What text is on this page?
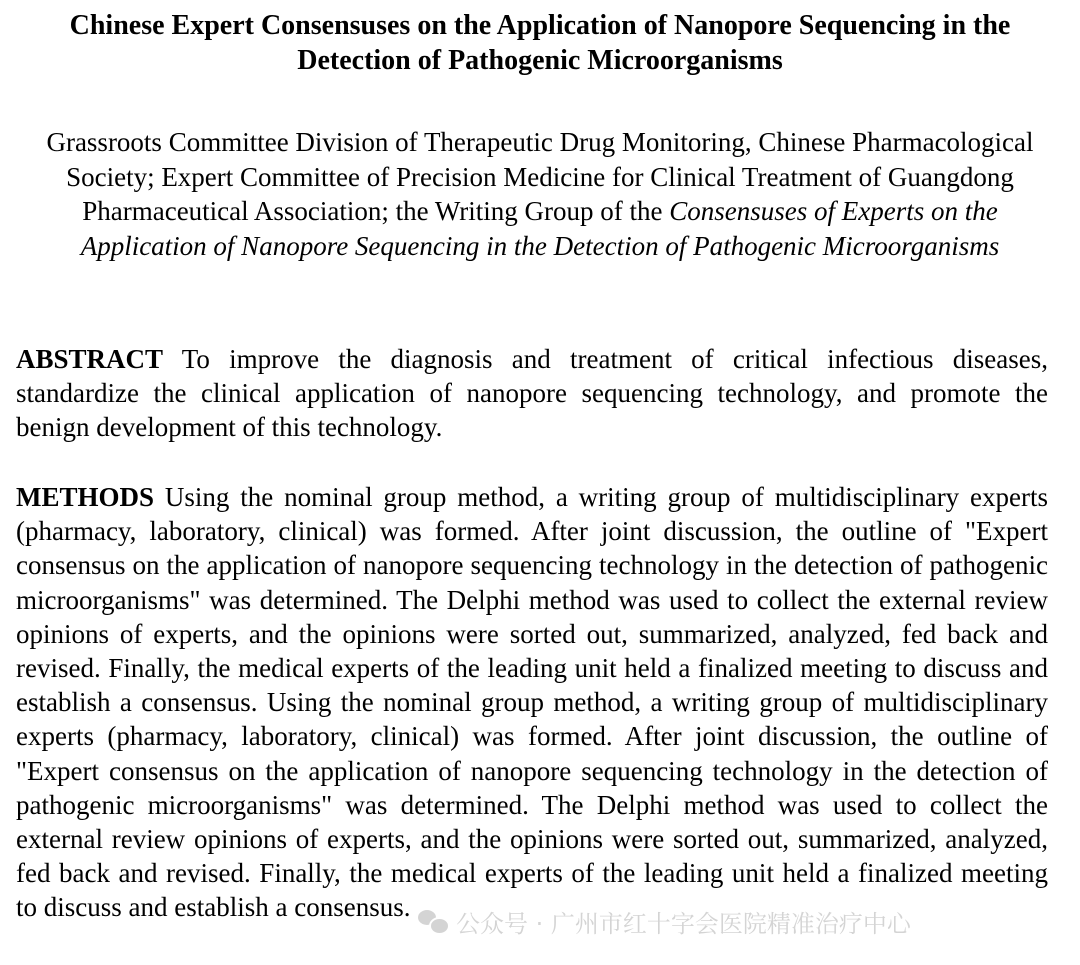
Chinese Expert Consensuses on the Application of Nanopore Sequencing in the Detection of Pathogenic Microorganisms

Grassroots Committee Division of Therapeutic Drug Monitoring, Chinese Pharmacological Society; Expert Committee of Precision Medicine for Clinical Treatment of Guangdong Pharmaceutical Association; the Writing Group of the Consensuses of Experts on the Application of Nanopore Sequencing in the Detection of Pathogenic Microorganisms

ABSTRACT To improve the diagnosis and treatment of critical infectious diseases, standardize the clinical application of nanopore sequencing technology, and promote the benign development of this technology.

METHODS Using the nominal group method, a writing group of multidisciplinary experts (pharmacy, laboratory, clinical) was formed. After joint discussion, the outline of "Expert consensus on the application of nanopore sequencing technology in the detection of pathogenic microorganisms" was determined. The Delphi method was used to collect the external review opinions of experts, and the opinions were sorted out, summarized, analyzed, fed back and revised. Finally, the medical experts of the leading unit held a finalized meeting to discuss and establish a consensus. Using the nominal group method, a writing group of multidisciplinary experts (pharmacy, laboratory, clinical) was formed. After joint discussion, the outline of "Expert consensus on the application of nanopore sequencing technology in the detection of pathogenic microorganisms" was determined. The Delphi method was used to collect the external review opinions of experts, and the opinions were sorted out, summarized, analyzed, fed back and revised. Finally, the medical experts of the leading unit held a finalized meeting to discuss and establish a consensus.

公众号 · 广州市红十字会医院精准治疗中心
